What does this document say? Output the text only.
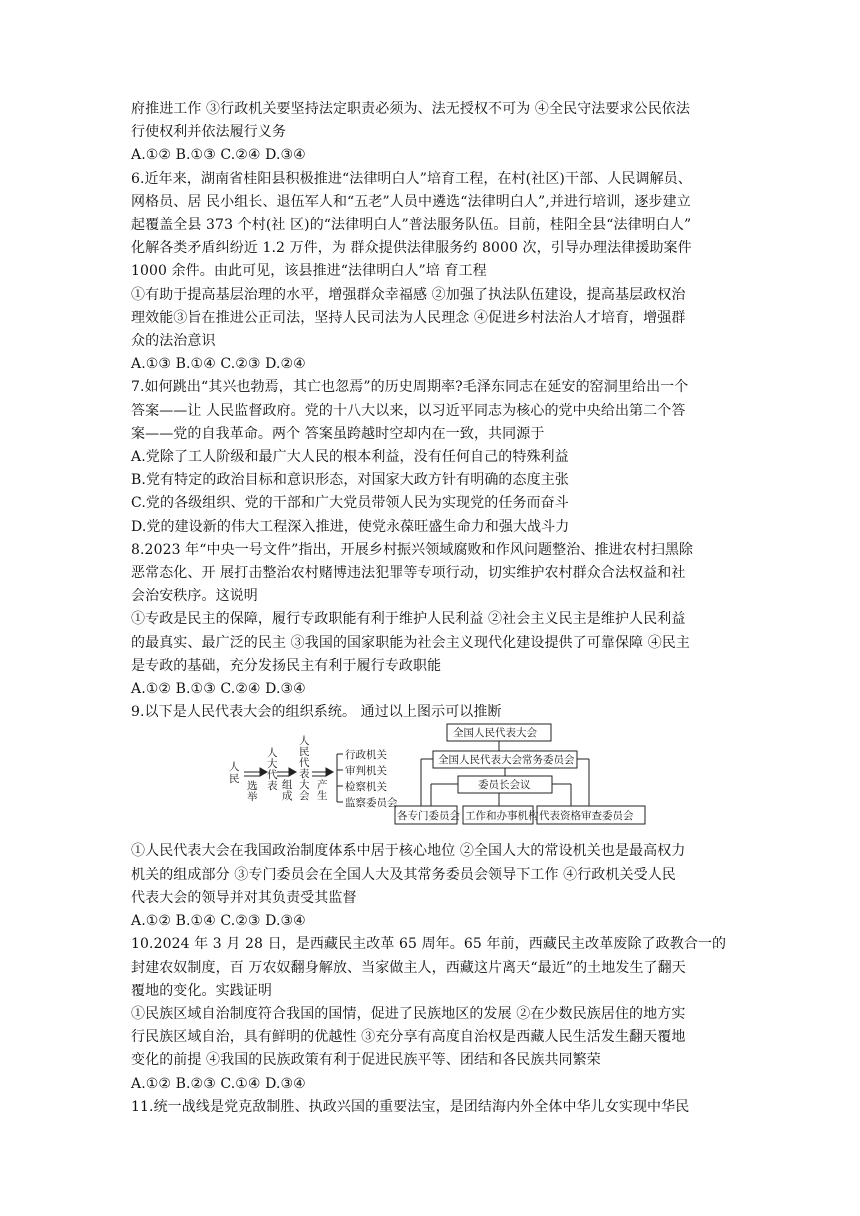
府推进工作 ③行政机关要坚持法定职责必须为、法无授权不可为 ④全民守法要求公民依法
行使权利并依法履行义务
A.①② B.①③ C.②④ D.③④
6.近年来，湖南省桂阳县积极推进“法律明白人”培育工程，在村(社区)干部、人民调解员、
网格员、居 民小组长、退伍军人和“五老”人员中遴选“法律明白人”,并进行培训，逐步建立
起覆盖全县 373 个村(社 区)的“法律明白人”普法服务队伍。目前，桂阳全县“法律明白人”
化解各类矛盾纠纷近 1.2 万件，为 群众提供法律服务约 8000 次，引导办理法律援助案件
1000 余件。由此可见，该县推进“法律明白人”培 育工程
①有助于提高基层治理的水平，增强群众幸福感 ②加强了执法队伍建设，提高基层政权治
理效能③旨在推进公正司法，坚持人民司法为人民理念 ④促进乡村法治人才培育，增强群
众的法治意识
A.①③ B.①④ C.②③ D.②④
7.如何跳出“其兴也勃焉，其亡也忽焉”的历史周期率?毛泽东同志在延安的窑洞里给出一个
答案——让 人民监督政府。党的十八大以来，以习近平同志为核心的党中央给出第二个答
案——党的自我革命。两个 答案虽跨越时空却内在一致，共同源于
A.党除了工人阶级和最广大人民的根本利益，没有任何自己的特殊利益
B.党有特定的政治目标和意识形态，对国家大政方针有明确的态度主张
C.党的各级组织、党的干部和广大党员带领人民为实现党的任务而奋斗
D.党的建设新的伟大工程深入推进，使党永葆旺盛生命力和强大战斗力
8.2023 年“中央一号文件”指出，开展乡村振兴领域腐败和作风问题整治、推进农村扫黑除
恶常态化、开 展打击整治农村赌博违法犯罪等专项行动，切实维护农村群众合法权益和社
会治安秩序。这说明
①专政是民主的保障，履行专政职能有利于维护人民利益 ②社会主义民主是维护人民利益
的最真实、最广泛的民主 ③我国的国家职能为社会主义现代化建设提供了可靠保障 ④民主
是专政的基础，充分发扬民主有利于履行专政职能
A.①② B.①③ C.②④ D.③④
9.以下是人民代表大会的组织系统。 通过以上图示可以推断
人
民
选
举
人
大
代
表 组
成
人
民
代
表
大
会
产
生
行政机关
审判机关
检察机关
监察委员会
全国人民代表大会
全国人民代表大会常务委员会
委员长会议
各专门委员会 工作和办事机构 代表资格审查委员会
①人民代表大会在我国政治制度体系中居于核心地位 ②全国人大的常设机关也是最高权力
机关的组成部分 ③专门委员会在全国人大及其常务委员会领导下工作 ④行政机关受人民
代表大会的领导并对其负责受其监督
A.①② B.①④ C.②③ D.③④
10.2024 年 3 月 28 日，是西藏民主改革 65 周年。65 年前，西藏民主改革废除了政教合一的
封建农奴制度，百 万农奴翻身解放、当家做主人，西藏这片离天“最近”的土地发生了翻天
覆地的变化。实践证明
①民族区域自治制度符合我国的国情，促进了民族地区的发展 ②在少数民族居住的地方实
行民族区域自治，具有鲜明的优越性 ③充分享有高度自治权是西藏人民生活发生翻天覆地
变化的前提 ④我国的民族政策有利于促进民族平等、团结和各民族共同繁荣
A.①② B.②③ C.①④ D.③④
11.统一战线是党克敌制胜、执政兴国的重要法宝，是团结海内外全体中华儿女实现中华民
